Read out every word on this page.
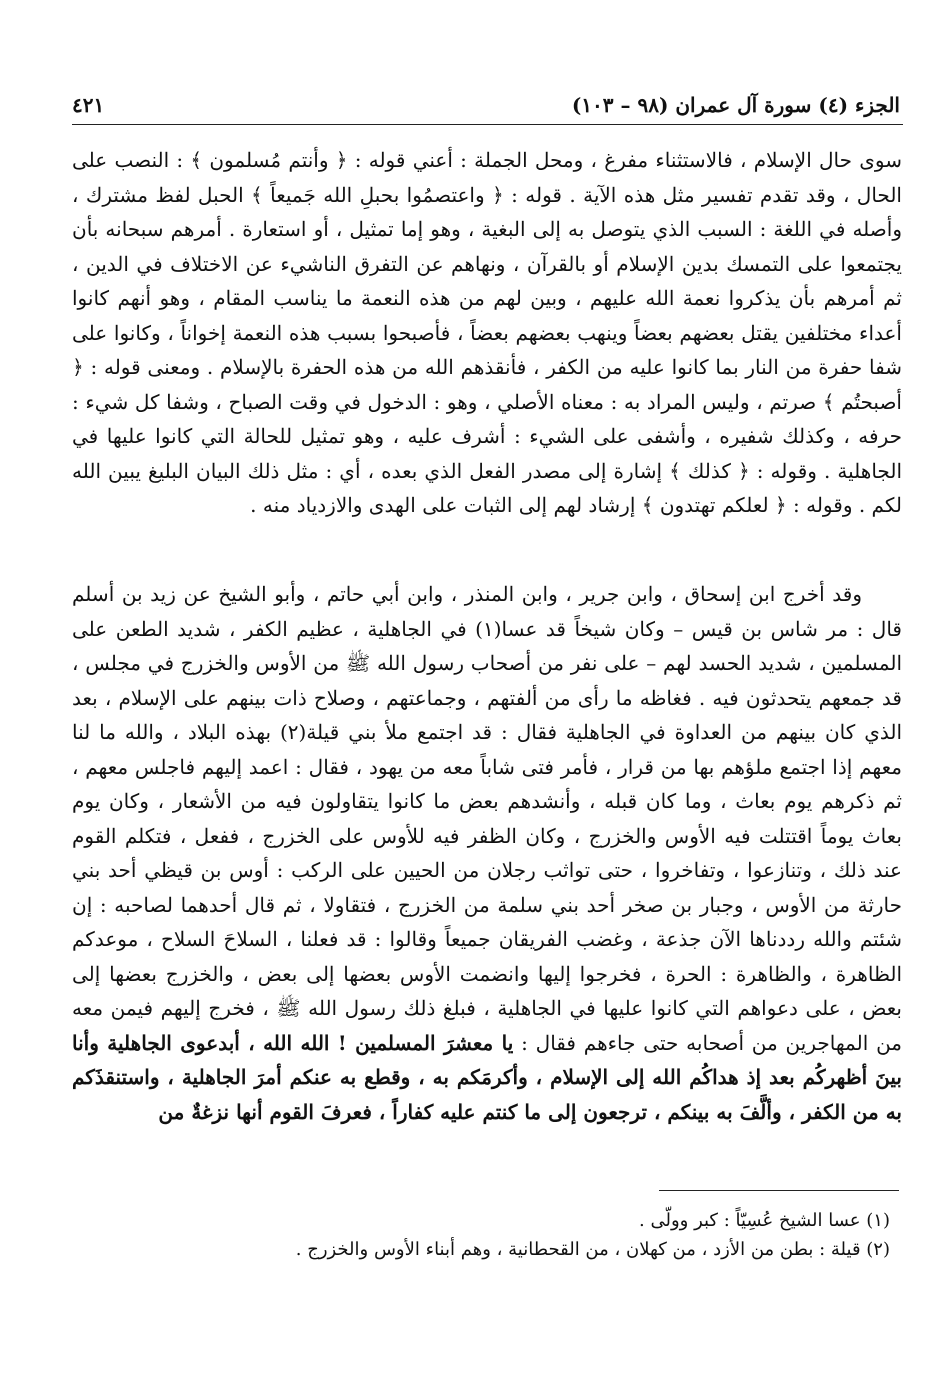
الجزء (٤) سورة آل عمران (٩٨ – ١٠٣)
٤٢١

سوى حال الإسلام ، فالاستثناء مفرغ ، ومحل الجملة : أعني قوله : ﴿ وأنتم مُسلمون ﴾ : النصب على الحال ، وقد تقدم تفسير مثل هذه الآية . قوله : ﴿ واعتصمُوا بحبلِ الله جَميعاً ﴾ الحبل لفظ مشترك ، وأصله في اللغة : السبب الذي يتوصل به إلى البغية ، وهو إما تمثيل ، أو استعارة . أمرهم سبحانه بأن يجتمعوا على التمسك بدين الإسلام أو بالقرآن ، ونهاهم عن التفرق الناشيء عن الاختلاف في الدين ، ثم أمرهم بأن يذكروا نعمة الله عليهم ، وبين لهم من هذه النعمة ما يناسب المقام ، وهو أنهم كانوا أعداء مختلفين يقتل بعضهم بعضاً وينهب بعضهم بعضاً ، فأصبحوا بسبب هذه النعمة إخواناً ، وكانوا على شفا حفرة من النار بما كانوا عليه من الكفر ، فأنقذهم الله من هذه الحفرة بالإسلام . ومعنى قوله : ﴿ أصبحتُم ﴾ صرتم ، وليس المراد به : معناه الأصلي ، وهو : الدخول في وقت الصباح ، وشفا كل شيء : حرفه ، وكذلك شفيره ، وأشفى على الشيء : أشرف عليه ، وهو تمثيل للحالة التي كانوا عليها في الجاهلية . وقوله : ﴿ كذلك ﴾ إشارة إلى مصدر الفعل الذي بعده ، أي : مثل ذلك البيان البليغ يبين الله لكم . وقوله : ﴿ لعلكم تهتدون ﴾ إرشاد لهم إلى الثبات على الهدى والازدياد منه .

وقد أخرج ابن إسحاق ، وابن جرير ، وابن المنذر ، وابن أبي حاتم ، وأبو الشيخ عن زيد بن أسلم قال : مر شاس بن قيس – وكان شيخاً قد عسا(١) في الجاهلية ، عظيم الكفر ، شديد الطعن على المسلمين ، شديد الحسد لهم – على نفر من أصحاب رسول الله ﷺ من الأوس والخزرج في مجلس ، قد جمعهم يتحدثون فيه . فغاظه ما رأى من ألفتهم ، وجماعتهم ، وصلاح ذات بينهم على الإسلام ، بعد الذي كان بينهم من العداوة في الجاهلية فقال : قد اجتمع ملأ بني قيلة(٢) بهذه البلاد ، والله ما لنا معهم إذا اجتمع ملؤهم بها من قرار ، فأمر فتى شاباً معه من يهود ، فقال : اعمد إليهم فاجلس معهم ، ثم ذكرهم يوم بعاث ، وما كان قبله ، وأنشدهم بعض ما كانوا يتقاولون فيه من الأشعار ، وكان يوم بعاث يوماً اقتتلت فيه الأوس والخزرج ، وكان الظفر فيه للأوس على الخزرج ، ففعل ، فتكلم القوم عند ذلك ، وتنازعوا ، وتفاخروا ، حتى تواثب رجلان من الحيين على الركب : أوس بن قيظي أحد بني حارثة من الأوس ، وجبار بن صخر أحد بني سلمة من الخزرج ، فتقاولا ، ثم قال أحدهما لصاحبه : إن شئتم والله رددناها الآن جذعة ، وغضب الفريقان جميعاً وقالوا : قد فعلنا ، السلاحَ السلاح ، موعدكم الظاهرة ، والظاهرة : الحرة ، فخرجوا إليها وانضمت الأوس بعضها إلى بعض ، والخزرج بعضها إلى بعض ، على دعواهم التي كانوا عليها في الجاهلية ، فبلغ ذلك رسول الله ﷺ ، فخرج إليهم فيمن معه من المهاجرين من أصحابه حتى جاءهم فقال : يا معشرَ المسلمين ! الله الله ، أبدعوى الجاهلية وأنا بينَ أظهركُم بعد إذ هداكُم الله إلى الإسلام ، وأكرمَكم به ، وقطع به عنكم أمرَ الجاهلية ، واستنقذَكم به من الكفر ، وألَّفَ به بينكم ، ترجعون إلى ما كنتم عليه كفاراً ، فعرفَ القوم أنها نزغةٌ من

(١) عسا الشيخ عُسِيّاً : كبر وولّى .
(٢) قيلة : بطن من الأزد ، من كهلان ، من القحطانية ، وهم أبناء الأوس والخزرج .
